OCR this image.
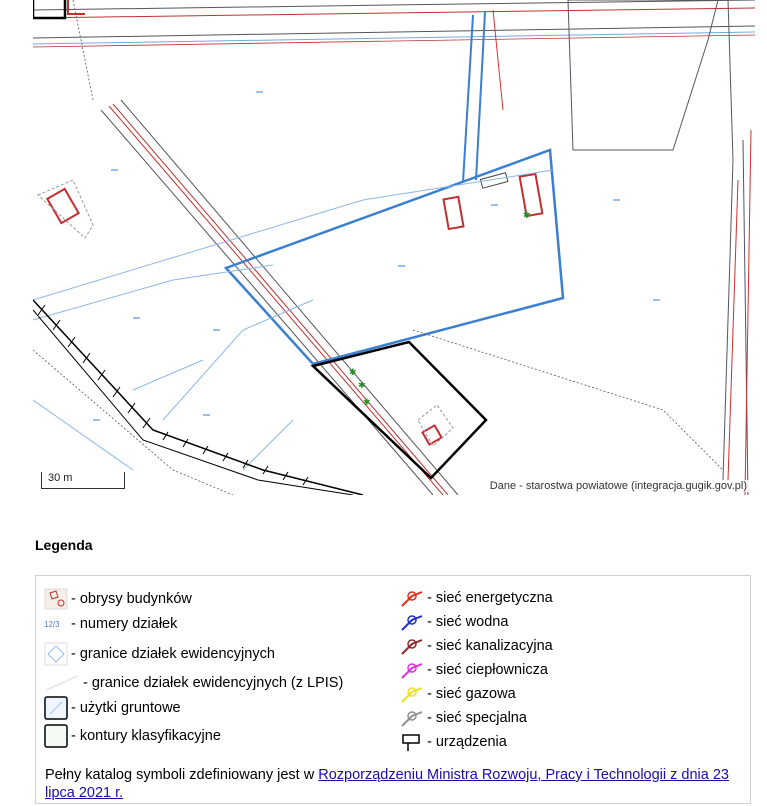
✱
✱
✱
✱
30 m
Dane - starostwa powiatowe (integracja.gugik.gov.pl)
Legenda
- obrysy budynków
12/3 - numery działek
- granice działek ewidencyjnych
- granice działek ewidencyjnych (z LPIS)
- użytki gruntowe
- kontury klasyfikacyjne
- sieć energetyczna
- sieć wodna
- sieć kanalizacyjna
- sieć ciepłownicza
- sieć gazowa
- sieć specjalna
- urządzenia
Pełny katalog symboli zdefiniowany jest w Rozporządzeniu Ministra Rozwoju, Pracy i Technologii z dnia 23 lipca 2021 r.
